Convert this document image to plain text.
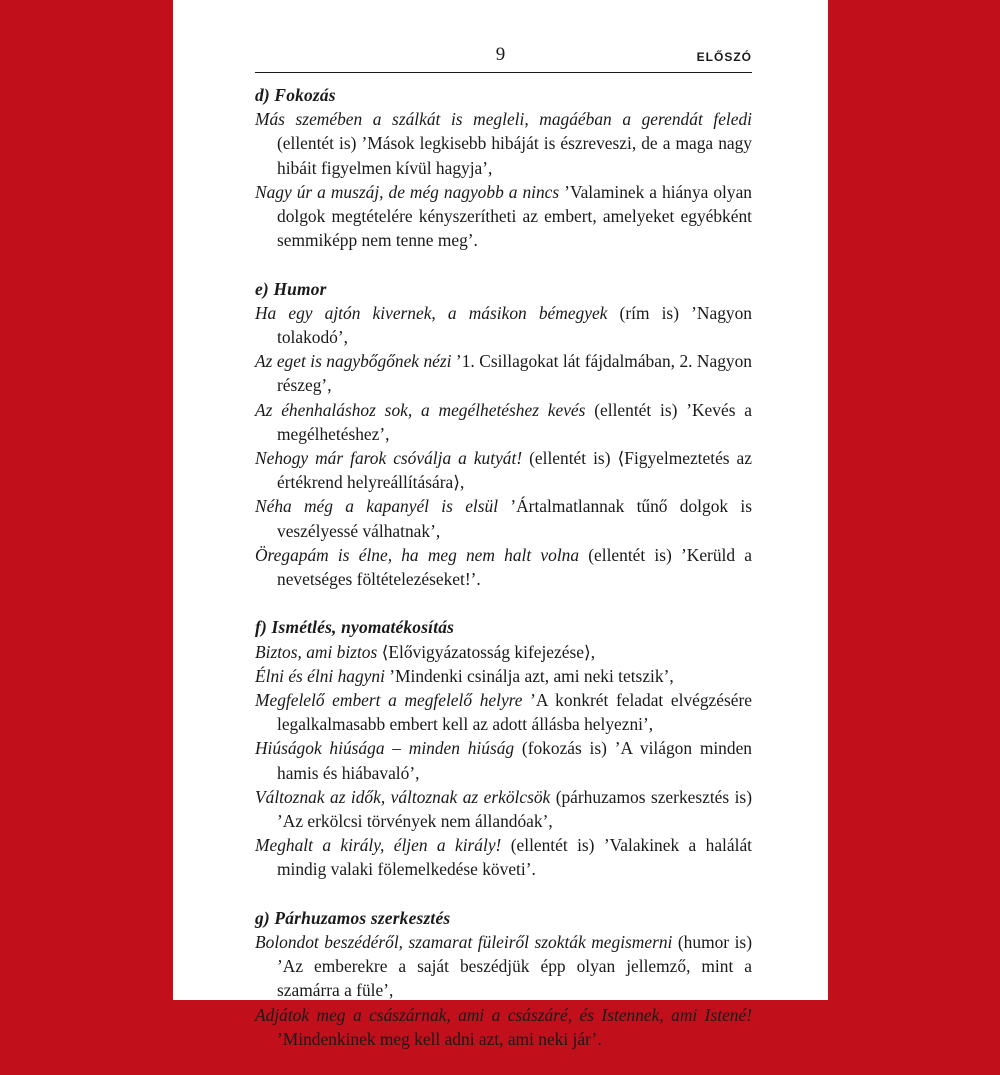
9	ELŐSZÓ

d) Fokozás

Más szemében a szálkát is megleli, magáéban a gerendát feledi (ellentét is) ’Mások legkisebb hibáját is észreveszi, de a maga nagy hibáit figyelmen kívül hagyja’,

Nagy úr a muszáj, de még nagyobb a nincs ’Valaminek a hiánya olyan dolgok megtételére kényszerítheti az embert, amelyeket egyébként semmiképp nem tenne meg’.

e) Humor

Ha egy ajtón kivernek, a másikon bémegyek (rím is) ’Nagyon tolakodó’,

Az eget is nagybőgőnek nézi ’1. Csillagokat lát fájdalmában, 2. Nagyon részeg’,

Az éhenhaláshoz sok, a megélhetéshez kevés (ellentét is) ’Kevés a megélhetéshez’,

Nehogy már farok csóválja a kutyát! (ellentét is) ⟨Figyelmeztetés az értékrend helyreállítására⟩,

Néha még a kapanyél is elsül ’Ártalmatlannak tűnő dolgok is veszélyessé válhatnak’,

Öregapám is élne, ha meg nem halt volna (ellentét is) ’Kerüld a nevetséges föltételezéseket!’.

f) Ismétlés, nyomatékosítás

Biztos, ami biztos ⟨Elővigyázatosság kifejezése⟩,

Élni és élni hagyni ’Mindenki csinálja azt, ami neki tetszik’,

Megfelelő embert a megfelelő helyre ’A konkrét feladat elvégzésére legalkalmasabb embert kell az adott állásba helyezni’,

Hiúságok hiúsága – minden hiúság (fokozás is) ’A világon minden hamis és hiábavaló’,

Változnak az idők, változnak az erkölcsök (párhuzamos szerkesztés is) ’Az erkölcsi törvények nem állandóak’,

Meghalt a király, éljen a király! (ellentét is) ’Valakinek a halálát mindig valaki fölemelkedése követi’.

g) Párhuzamos szerkesztés

Bolondot beszédéről, szamarat füleiről szokták megismerni (humor is) ’Az emberekre a saját beszédjük épp olyan jellemző, mint a szamárra a füle’,

Adjátok meg a császárnak, ami a császáré, és Istennek, ami Istené! ’Mindenkinek meg kell adni azt, ami neki jár’.
